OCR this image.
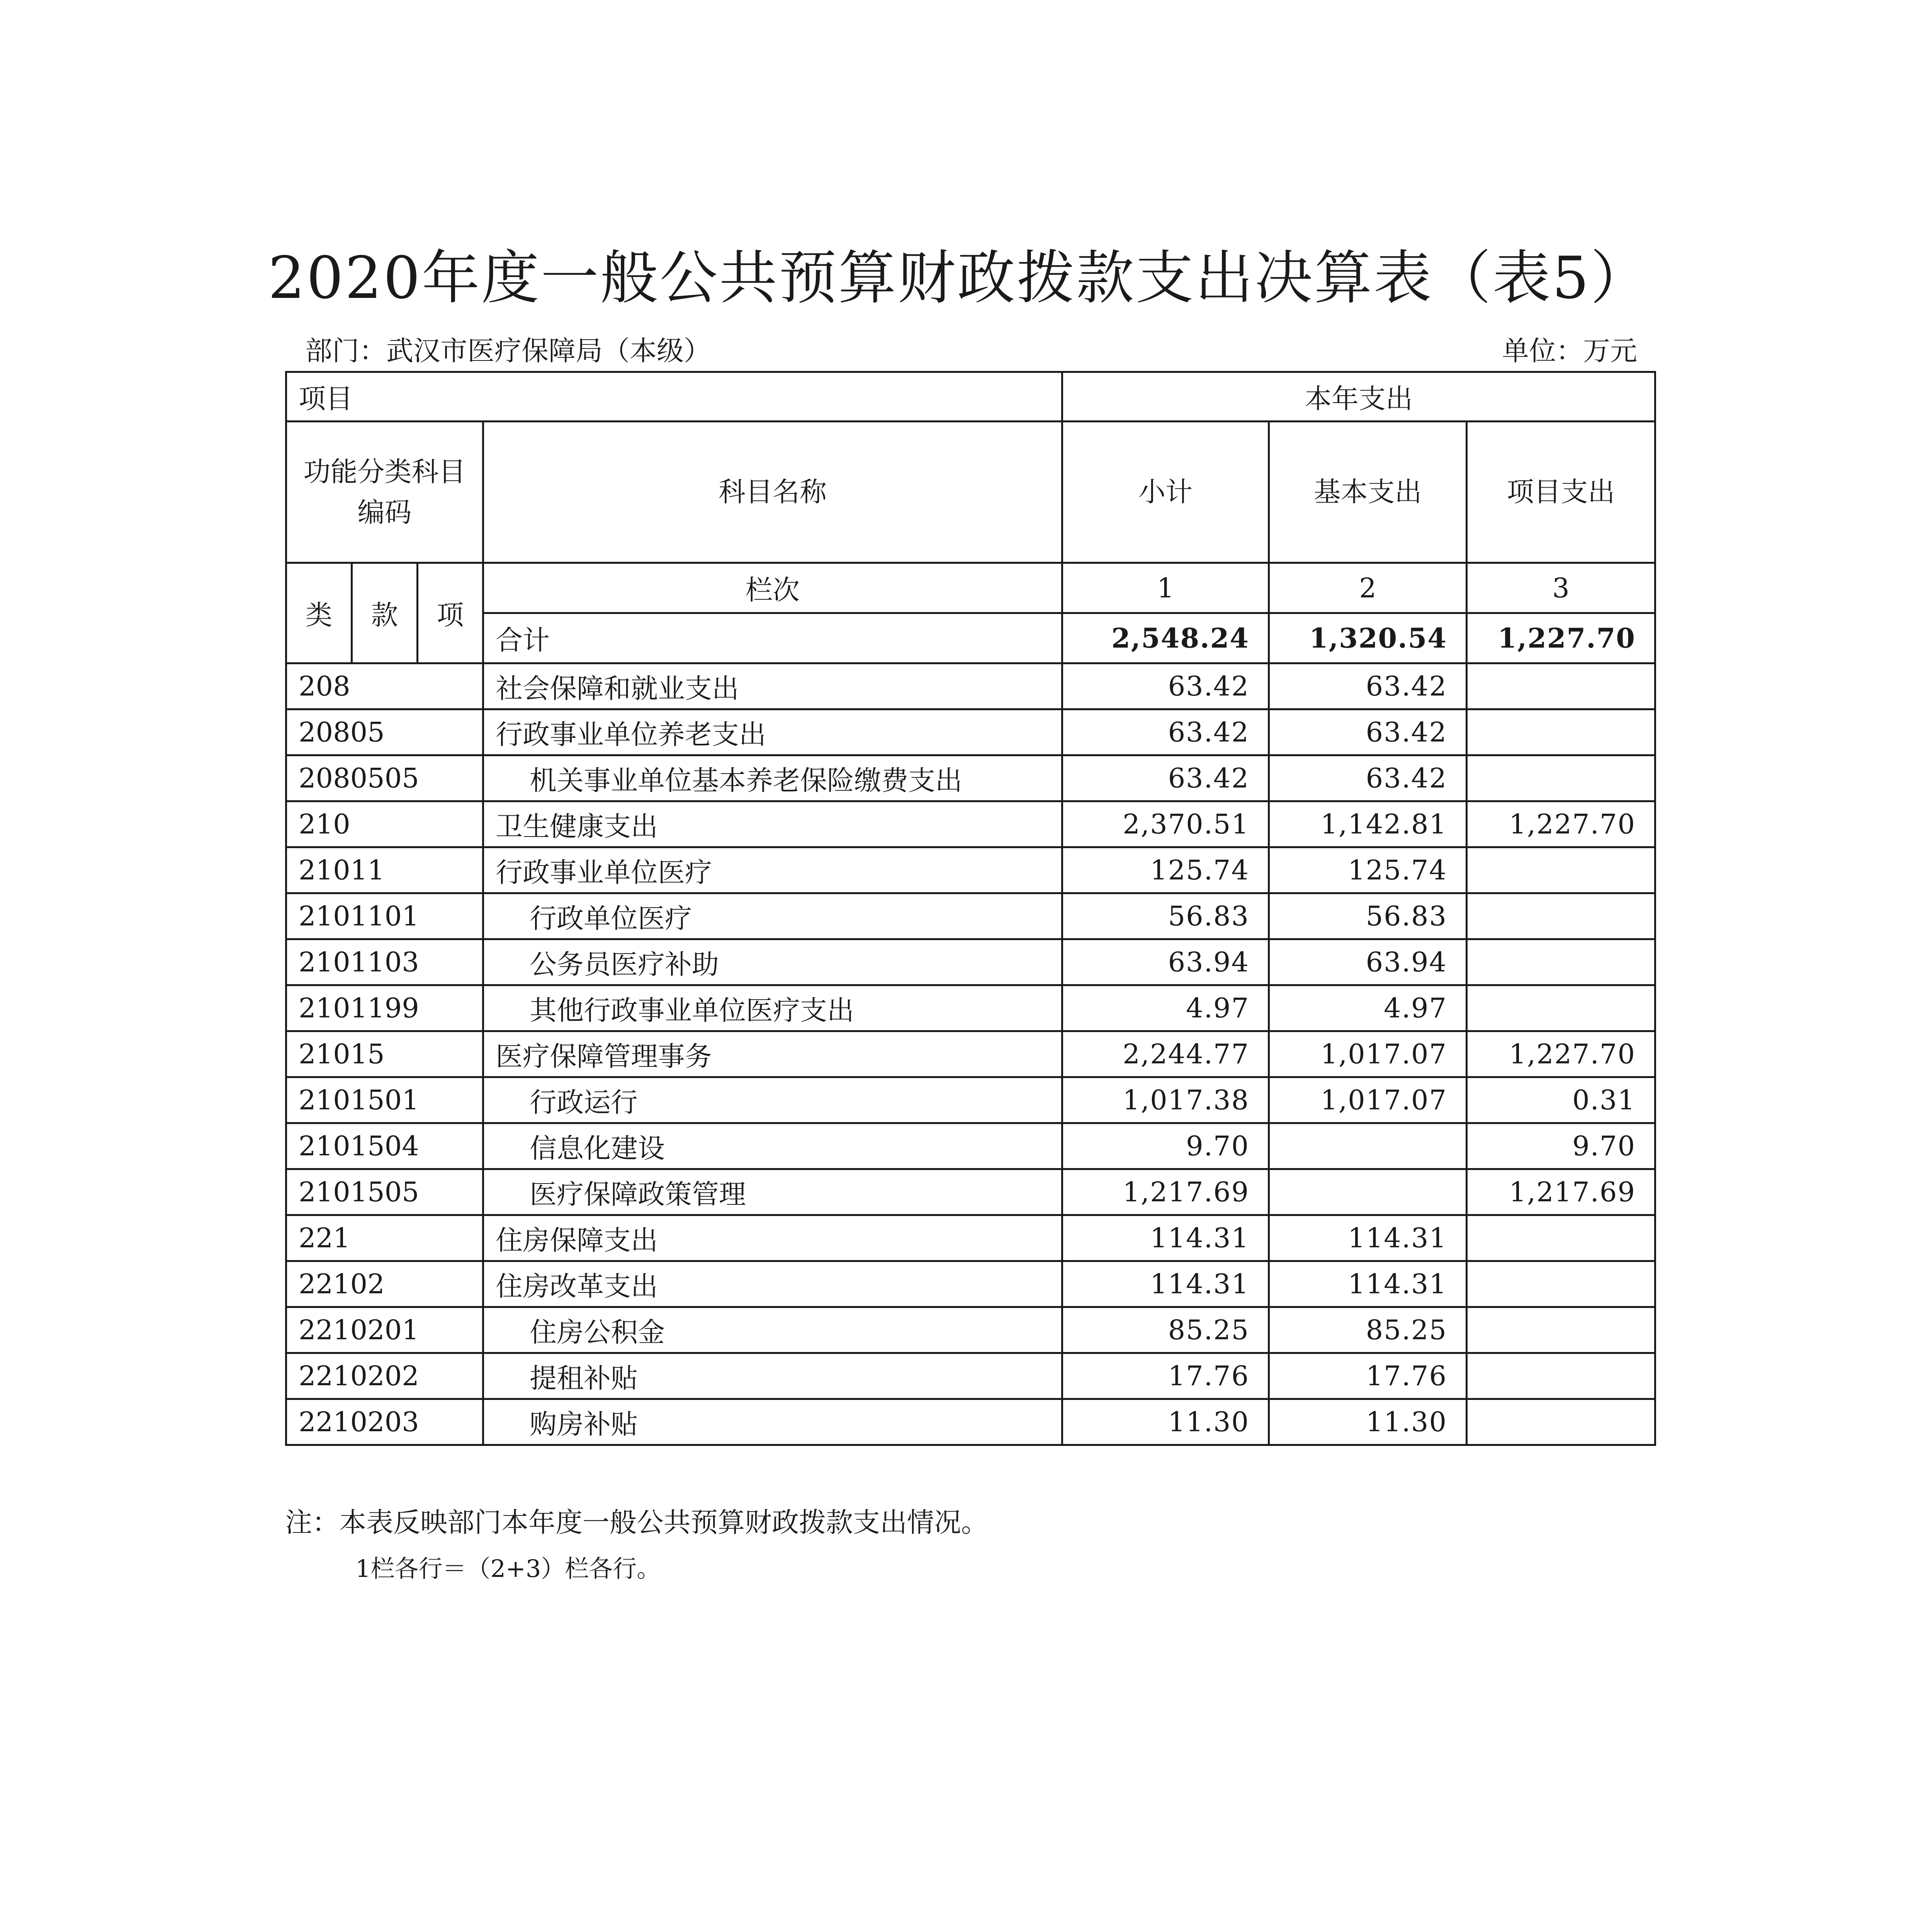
2020年度一般公共预算财政拨款支出决算表（表5）
部门：武汉市医疗保障局（本级）	单位：万元
项目				本年支出		
功能分类科目编码			科目名称	小计	基本支出	项目支出
类	款	项	栏次	1	2	3
			合计	2,548.24	1,320.54	1,227.70
208			社会保障和就业支出	63.42	63.42	
20805			行政事业单位养老支出	63.42	63.42	
2080505			机关事业单位基本养老保险缴费支出	63.42	63.42	
210			卫生健康支出	2,370.51	1,142.81	1,227.70
21011			行政事业单位医疗	125.74	125.74	
2101101			行政单位医疗	56.83	56.83	
2101103			公务员医疗补助	63.94	63.94	
2101199			其他行政事业单位医疗支出	4.97	4.97	
21015			医疗保障管理事务	2,244.77	1,017.07	1,227.70
2101501			行政运行	1,017.38	1,017.07	0.31
2101504			信息化建设	9.70		9.70
2101505			医疗保障政策管理	1,217.69		1,217.69
221			住房保障支出	114.31	114.31	
22102			住房改革支出	114.31	114.31	
2210201			住房公积金	85.25	85.25	
2210202			提租补贴	17.76	17.76	
2210203			购房补贴	11.30	11.30	
注：本表反映部门本年度一般公共预算财政拨款支出情况。
1栏各行＝（2+3）栏各行。
